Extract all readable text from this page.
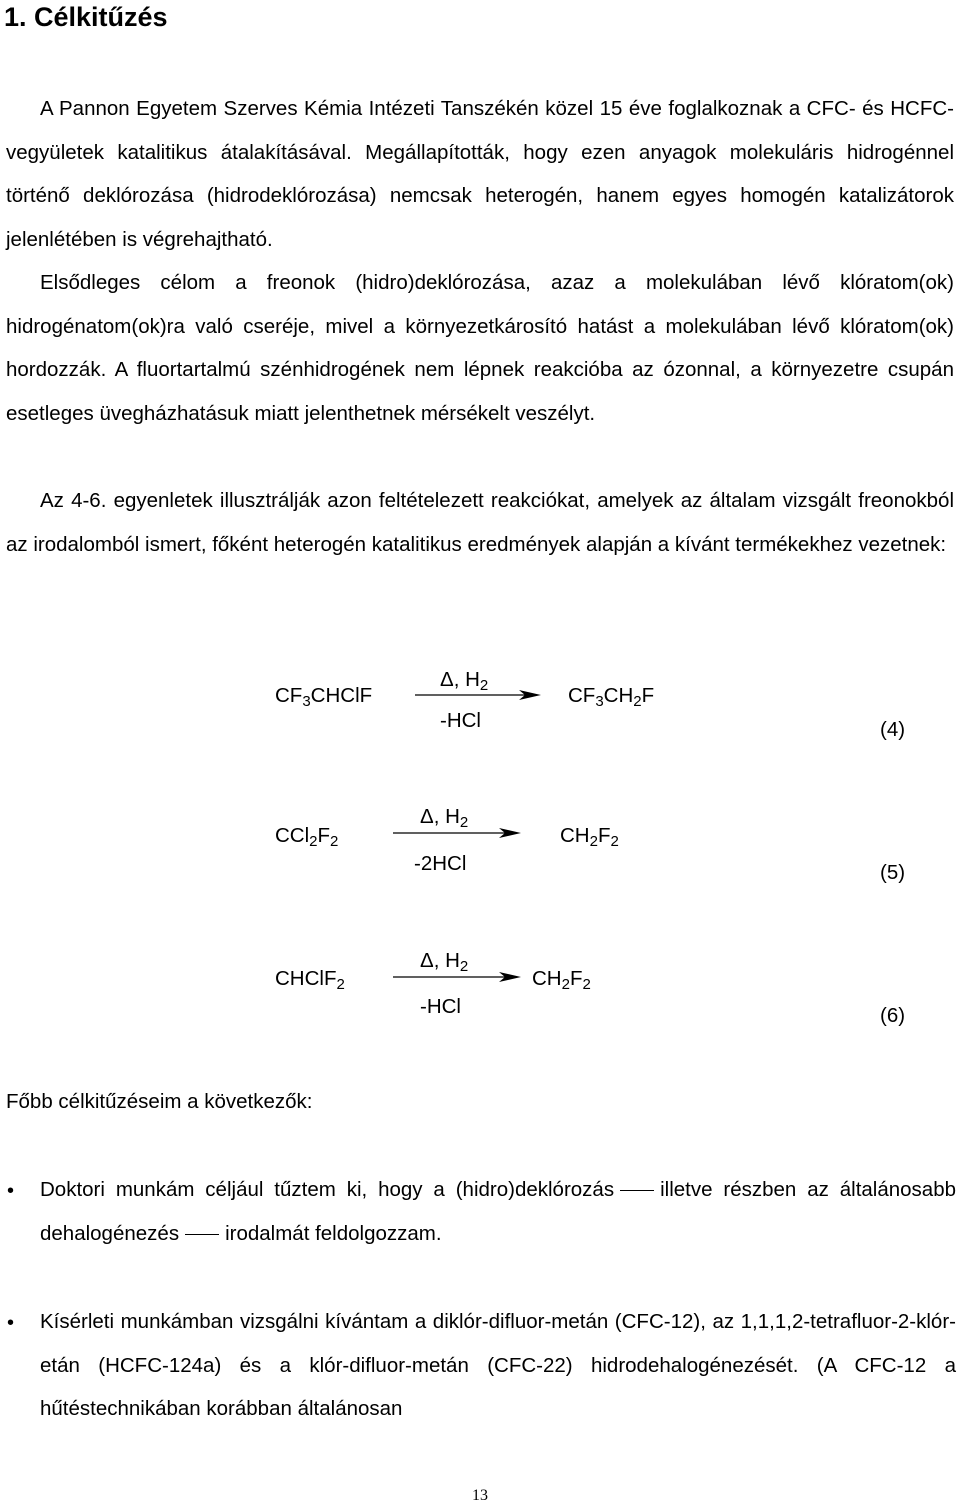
1. Célkitűzés

A Pannon Egyetem Szerves Kémia Intézeti Tanszékén közel 15 éve foglalkoznak a CFC- és HCFC-vegyületek katalitikus átalakításával. Megállapították, hogy ezen anyagok molekuláris hidrogénnel történő deklórozása (hidrodeklórozása) nemcsak heterogén, hanem egyes homogén katalizátorok jelenlétében is végrehajtható.

Elsődleges célom a freonok (hidro)deklórozása, azaz a molekulában lévő klóratom(ok) hidrogénatom(ok)ra való cseréje, mivel a környezetkárosító hatást a molekulában lévő klóratom(ok) hordozzák. A fluortartalmú szénhidrogének nem lépnek reakcióba az ózonnal, a környezetre csupán esetleges üvegházhatásuk miatt jelenthetnek mérsékelt veszélyt.

Az 4-6. egyenletek illusztrálják azon feltételezett reakciókat, amelyek az általam vizsgált freonokból az irodalomból ismert, főként heterogén katalitikus eredmények alapján a kívánt termékekhez vezetnek:

$CF_3CHClF$
Δ, $H_2$
-HCl
$CF_3CH_2F$
(4)
$CCl_2F_2$
Δ, $H_2$
-2HCl
$CH_2F_2$
(5)
CHClF$_2$
Δ, $H_2$
-HCl
$CH_2F_2$
(6)
Főbb célkitűzéseim a következők:
• Doktori munkám céljául tűztem ki, hogy a (hidro)deklórozás illetve részben az általánosabb dehalogénezés irodalmát feldolgozzam.

• Kísérleti munkámban vizsgálni kívántam a diklór-difluor-metán (CFC-12), az 1,1,1,2-tetrafluor-2-klór-etán (HCFC-124a) és a klór-difluor-metán (CFC-22) hidrodehalogénezését. (A CFC-12 a hűtéstechnikában korábban általánosan

13
